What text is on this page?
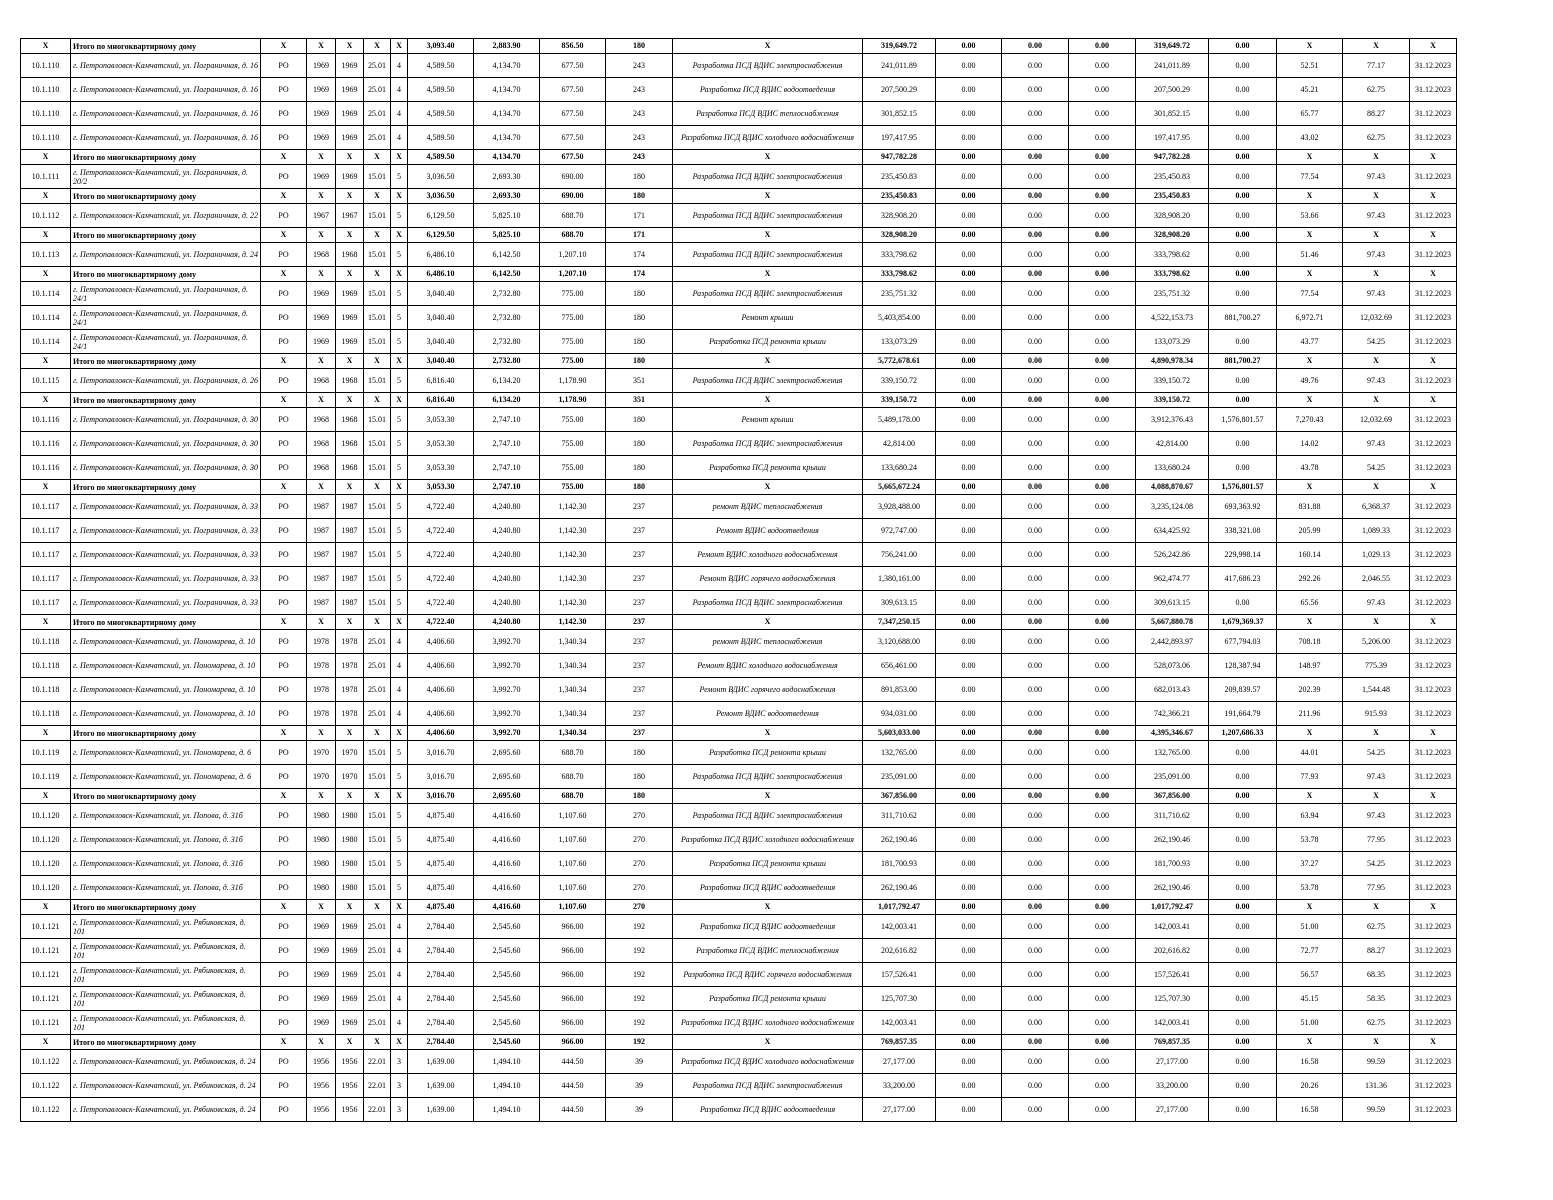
X	Итого по многоквартирному дому	X	X	X	X	X	3,093.40	2,883.90	856.50	180	X	319,649.72	0.00	0.00	0.00	319,649.72	0.00	X	X	X
10.1.110	г. Петропавловск-Камчатский, ул. Пограничная, д. 16	РО	1969	1969	25.01	4	4,589.50	4,134.70	677.50	243	Разработка ПСД ВДИС электроснабжения	241,011.89	0.00	0.00	0.00	241,011.89	0.00	52.51	77.17	31.12.2023
10.1.110	г. Петропавловск-Камчатский, ул. Пограничная, д. 16	РО	1969	1969	25.01	4	4,589.50	4,134.70	677.50	243	Разработка ПСД ВДИС водоотведения	207,500.29	0.00	0.00	0.00	207,500.29	0.00	45.21	62.75	31.12.2023
10.1.110	г. Петропавловск-Камчатский, ул. Пограничная, д. 16	РО	1969	1969	25.01	4	4,589.50	4,134.70	677.50	243	Разработка ПСД ВДИС теплоснабжения	301,852.15	0.00	0.00	0.00	301,852.15	0.00	65.77	88.27	31.12.2023
10.1.110	г. Петропавловск-Камчатский, ул. Пограничная, д. 16	РО	1969	1969	25.01	4	4,589.50	4,134.70	677.50	243	Разработка ПСД ВДИС холодного водоснабжения	197,417.95	0.00	0.00	0.00	197,417.95	0.00	43.02	62.75	31.12.2023
X	Итого по многоквартирному дому	X	X	X	X	X	4,589.50	4,134.70	677.50	243	X	947,782.28	0.00	0.00	0.00	947,782.28	0.00	X	X	X
10.1.111	г. Петропавловск-Камчатский, ул. Пограничная, д. 20/2	РО	1969	1969	15.01	5	3,036.50	2,693.30	690.00	180	Разработка ПСД ВДИС электроснабжения	235,450.83	0.00	0.00	0.00	235,450.83	0.00	77.54	97.43	31.12.2023
X	Итого по многоквартирному дому	X	X	X	X	X	3,036.50	2,693.30	690.00	180	X	235,450.83	0.00	0.00	0.00	235,450.83	0.00	X	X	X
10.1.112	г. Петропавловск-Камчатский, ул. Пограничная, д. 22	РО	1967	1967	15.01	5	6,129.50	5,825.10	688.70	171	Разработка ПСД ВДИС электроснабжения	328,908.20	0.00	0.00	0.00	328,908.20	0.00	53.66	97.43	31.12.2023
X	Итого по многоквартирному дому	X	X	X	X	X	6,129.50	5,825.10	688.70	171	X	328,908.20	0.00	0.00	0.00	328,908.20	0.00	X	X	X
10.1.113	г. Петропавловск-Камчатский, ул. Пограничная, д. 24	РО	1968	1968	15.01	5	6,486.10	6,142.50	1,207.10	174	Разработка ПСД ВДИС электроснабжения	333,798.62	0.00	0.00	0.00	333,798.62	0.00	51.46	97.43	31.12.2023
X	Итого по многоквартирному дому	X	X	X	X	X	6,486.10	6,142.50	1,207.10	174	X	333,798.62	0.00	0.00	0.00	333,798.62	0.00	X	X	X
10.1.114	г. Петропавловск-Камчатский, ул. Пограничная, д. 24/1	РО	1969	1969	15.01	5	3,040.40	2,732.80	775.00	180	Разработка ПСД ВДИС электроснабжения	235,751.32	0.00	0.00	0.00	235,751.32	0.00	77.54	97.43	31.12.2023
10.1.114	г. Петропавловск-Камчатский, ул. Пограничная, д. 24/1	РО	1969	1969	15.01	5	3,040.40	2,732.80	775.00	180	Ремонт крыши	5,403,854.00	0.00	0.00	0.00	4,522,153.73	881,700.27	6,972.71	12,032.69	31.12.2023
10.1.114	г. Петропавловск-Камчатский, ул. Пограничная, д. 24/1	РО	1969	1969	15.01	5	3,040.40	2,732.80	775.00	180	Разработка ПСД ремонта крыши	133,073.29	0.00	0.00	0.00	133,073.29	0.00	43.77	54.25	31.12.2023
X	Итого по многоквартирному дому	X	X	X	X	X	3,040.40	2,732.80	775.00	180	X	5,772,678.61	0.00	0.00	0.00	4,890,978.34	881,700.27	X	X	X
10.1.115	г. Петропавловск-Камчатский, ул. Пограничная, д. 26	РО	1968	1968	15.01	5	6,816.40	6,134.20	1,178.90	351	Разработка ПСД ВДИС электроснабжения	339,150.72	0.00	0.00	0.00	339,150.72	0.00	49.76	97.43	31.12.2023
X	Итого по многоквартирному дому	X	X	X	X	X	6,816.40	6,134.20	1,178.90	351	X	339,150.72	0.00	0.00	0.00	339,150.72	0.00	X	X	X
10.1.116	г. Петропавловск-Камчатский, ул. Пограничная, д. 30	РО	1968	1968	15.01	5	3,053.30	2,747.10	755.00	180	Ремонт крыши	5,489,178.00	0.00	0.00	0.00	3,912,376.43	1,576,801.57	7,270.43	12,032.69	31.12.2023
10.1.116	г. Петропавловск-Камчатский, ул. Пограничная, д. 30	РО	1968	1968	15.01	5	3,053.30	2,747.10	755.00	180	Разработка ПСД ВДИС электроснабжения	42,814.00	0.00	0.00	0.00	42,814.00	0.00	14.02	97.43	31.12.2023
10.1.116	г. Петропавловск-Камчатский, ул. Пограничная, д. 30	РО	1968	1968	15.01	5	3,053.30	2,747.10	755.00	180	Разработка ПСД ремонта крыши	133,680.24	0.00	0.00	0.00	133,680.24	0.00	43.78	54.25	31.12.2023
X	Итого по многоквартирному дому	X	X	X	X	X	3,053.30	2,747.10	755.00	180	X	5,665,672.24	0.00	0.00	0.00	4,088,870.67	1,576,801.57	X	X	X
10.1.117	г. Петропавловск-Камчатский, ул. Пограничная, д. 33	РО	1987	1987	15.01	5	4,722.40	4,240.80	1,142.30	237	ремонт ВДИС теплоснабжения	3,928,488.00	0.00	0.00	0.00	3,235,124.08	693,363.92	831.88	6,368.37	31.12.2023
10.1.117	г. Петропавловск-Камчатский, ул. Пограничная, д. 33	РО	1987	1987	15.01	5	4,722.40	4,240.80	1,142.30	237	Ремонт ВДИС водоотведения	972,747.00	0.00	0.00	0.00	634,425.92	338,321.08	205.99	1,089.33	31.12.2023
10.1.117	г. Петропавловск-Камчатский, ул. Пограничная, д. 33	РО	1987	1987	15.01	5	4,722.40	4,240.80	1,142.30	237	Ремонт ВДИС холодного водоснабжения	756,241.00	0.00	0.00	0.00	526,242.86	229,998.14	160.14	1,029.13	31.12.2023
10.1.117	г. Петропавловск-Камчатский, ул. Пограничная, д. 33	РО	1987	1987	15.01	5	4,722.40	4,240.80	1,142.30	237	Ремонт ВДИС горячего водоснабжения	1,380,161.00	0.00	0.00	0.00	962,474.77	417,686.23	292.26	2,046.55	31.12.2023
10.1.117	г. Петропавловск-Камчатский, ул. Пограничная, д. 33	РО	1987	1987	15.01	5	4,722.40	4,240.80	1,142.30	237	Разработка ПСД ВДИС электроснабжения	309,613.15	0.00	0.00	0.00	309,613.15	0.00	65.56	97.43	31.12.2023
X	Итого по многоквартирному дому	X	X	X	X	X	4,722.40	4,240.80	1,142.30	237	X	7,347,250.15	0.00	0.00	0.00	5,667,880.78	1,679,369.37	X	X	X
10.1.118	г. Петропавловск-Камчатский, ул. Пономарева, д. 10	РО	1978	1978	25.01	4	4,406.60	3,992.70	1,340.34	237	ремонт ВДИС теплоснабжения	3,120,688.00	0.00	0.00	0.00	2,442,893.97	677,794.03	708.18	5,206.00	31.12.2023
10.1.118	г. Петропавловск-Камчатский, ул. Пономарева, д. 10	РО	1978	1978	25.01	4	4,406.60	3,992.70	1,340.34	237	Ремонт ВДИС холодного водоснабжения	656,461.00	0.00	0.00	0.00	528,073.06	128,387.94	148.97	775.39	31.12.2023
10.1.118	г. Петропавловск-Камчатский, ул. Пономарева, д. 10	РО	1978	1978	25.01	4	4,406.60	3,992.70	1,340.34	237	Ремонт ВДИС горячего водоснабжения	891,853.00	0.00	0.00	0.00	682,013.43	209,839.57	202.39	1,544.48	31.12.2023
10.1.118	г. Петропавловск-Камчатский, ул. Пономарева, д. 10	РО	1978	1978	25.01	4	4,406.60	3,992.70	1,340.34	237	Ремонт ВДИС водоотведения	934,031.00	0.00	0.00	0.00	742,366.21	191,664.79	211.96	915.93	31.12.2023
X	Итого по многоквартирному дому	X	X	X	X	X	4,406.60	3,992.70	1,340.34	237	X	5,603,033.00	0.00	0.00	0.00	4,395,346.67	1,207,686.33	X	X	X
10.1.119	г. Петропавловск-Камчатский, ул. Пономарева, д. 6	РО	1970	1970	15.01	5	3,016.70	2,695.60	688.70	180	Разработка ПСД ремонта крыши	132,765.00	0.00	0.00	0.00	132,765.00	0.00	44.01	54.25	31.12.2023
10.1.119	г. Петропавловск-Камчатский, ул. Пономарева, д. 6	РО	1970	1970	15.01	5	3,016.70	2,695.60	688.70	180	Разработка ПСД ВДИС электроснабжения	235,091.00	0.00	0.00	0.00	235,091.00	0.00	77.93	97.43	31.12.2023
X	Итого по многоквартирному дому	X	X	X	X	X	3,016.70	2,695.60	688.70	180	X	367,856.00	0.00	0.00	0.00	367,856.00	0.00	X	X	X
10.1.120	г. Петропавловск-Камчатский, ул. Попова, д. 31б	РО	1980	1980	15.01	5	4,875.40	4,416.60	1,107.60	270	Разработка ПСД ВДИС электроснабжения	311,710.62	0.00	0.00	0.00	311,710.62	0.00	63.94	97.43	31.12.2023
10.1.120	г. Петропавловск-Камчатский, ул. Попова, д. 31б	РО	1980	1980	15.01	5	4,875.40	4,416.60	1,107.60	270	Разработка ПСД ВДИС холодного водоснабжения	262,190.46	0.00	0.00	0.00	262,190.46	0.00	53.78	77.95	31.12.2023
10.1.120	г. Петропавловск-Камчатский, ул. Попова, д. 31б	РО	1980	1980	15.01	5	4,875.40	4,416.60	1,107.60	270	Разработка ПСД ремонта крыши	181,700.93	0.00	0.00	0.00	181,700.93	0.00	37.27	54.25	31.12.2023
10.1.120	г. Петропавловск-Камчатский, ул. Попова, д. 31б	РО	1980	1980	15.01	5	4,875.40	4,416.60	1,107.60	270	Разработка ПСД ВДИС водоотведения	262,190.46	0.00	0.00	0.00	262,190.46	0.00	53.78	77.95	31.12.2023
X	Итого по многоквартирному дому	X	X	X	X	X	4,875.40	4,416.60	1,107.60	270	X	1,017,792.47	0.00	0.00	0.00	1,017,792.47	0.00	X	X	X
10.1.121	г. Петропавловск-Камчатский, ул. Рябиковская, д. 101	РО	1969	1969	25.01	4	2,784.40	2,545.60	966.00	192	Разработка ПСД ВДИС водоотведения	142,003.41	0.00	0.00	0.00	142,003.41	0.00	51.00	62.75	31.12.2023
10.1.121	г. Петропавловск-Камчатский, ул. Рябиковская, д. 101	РО	1969	1969	25.01	4	2,784.40	2,545.60	966.00	192	Разработка ПСД ВДИС теплоснабжения	202,616.82	0.00	0.00	0.00	202,616.82	0.00	72.77	88.27	31.12.2023
10.1.121	г. Петропавловск-Камчатский, ул. Рябиковская, д. 101	РО	1969	1969	25.01	4	2,784.40	2,545.60	966.00	192	Разработка ПСД ВДИС горячего водоснабжения	157,526.41	0.00	0.00	0.00	157,526.41	0.00	56.57	68.35	31.12.2023
10.1.121	г. Петропавловск-Камчатский, ул. Рябиковская, д. 101	РО	1969	1969	25.01	4	2,784.40	2,545.60	966.00	192	Разработка ПСД ремонта крыши	125,707.30	0.00	0.00	0.00	125,707.30	0.00	45.15	58.35	31.12.2023
10.1.121	г. Петропавловск-Камчатский, ул. Рябиковская, д. 101	РО	1969	1969	25.01	4	2,784.40	2,545.60	966.00	192	Разработка ПСД ВДИС холодного водоснабжения	142,003.41	0.00	0.00	0.00	142,003.41	0.00	51.00	62.75	31.12.2023
X	Итого по многоквартирному дому	X	X	X	X	X	2,784.40	2,545.60	966.00	192	X	769,857.35	0.00	0.00	0.00	769,857.35	0.00	X	X	X
10.1.122	г. Петропавловск-Камчатский, ул. Рябиковская, д. 24	РО	1956	1956	22.01	3	1,639.00	1,494.10	444.50	39	Разработка ПСД ВДИС холодного водоснабжения	27,177.00	0.00	0.00	0.00	27,177.00	0.00	16.58	99.59	31.12.2023
10.1.122	г. Петропавловск-Камчатский, ул. Рябиковская, д. 24	РО	1956	1956	22.01	3	1,639.00	1,494.10	444.50	39	Разработка ПСД ВДИС электроснабжения	33,200.00	0.00	0.00	0.00	33,200.00	0.00	20.26	131.36	31.12.2023
10.1.122	г. Петропавловск-Камчатский, ул. Рябиковская, д. 24	РО	1956	1956	22.01	3	1,639.00	1,494.10	444.50	39	Разработка ПСД ВДИС водоотведения	27,177.00	0.00	0.00	0.00	27,177.00	0.00	16.58	99.59	31.12.2023
